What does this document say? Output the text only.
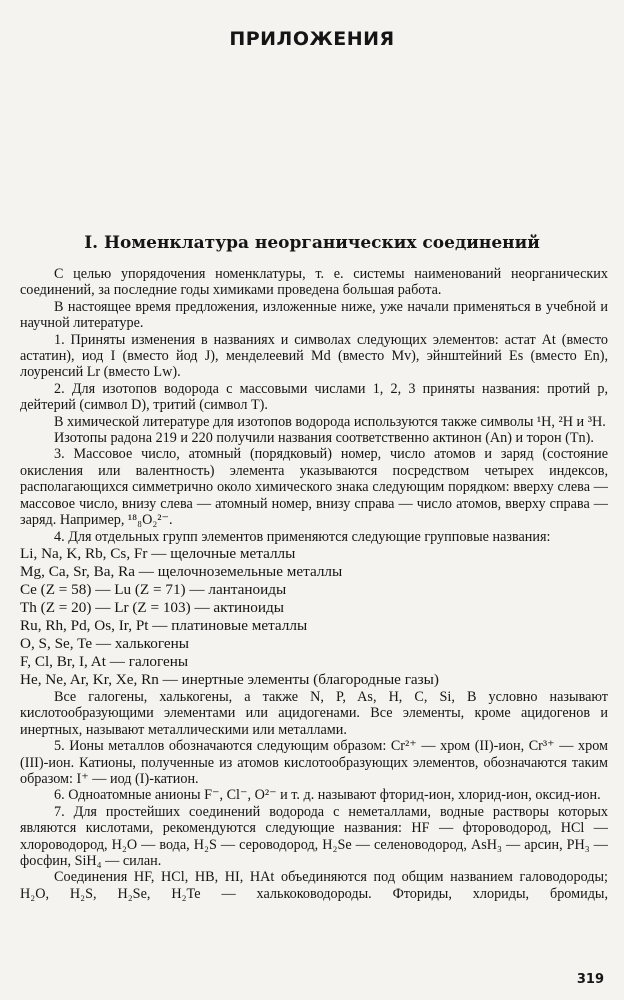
ПРИЛОЖЕНИЯ
I. Номенклатура неорганических соединений

С целью упорядочения номенклатуры, т. е. системы наименований неорганических соединений, за последние годы химиками проведена большая работа.

В настоящее время предложения, изложенные ниже, уже начали применяться в учебной и научной литературе.

1. Приняты изменения в названиях и символах следующих элементов: астат At (вместо астатин), иод I (вместо йод J), менделеевий Md (вместо Mv), эйнштейний Es (вместо En), лоуренсий Lr (вместо Lw).

2. Для изотопов водорода с массовыми числами 1, 2, 3 приняты названия: протий р, дейтерий (символ D), тритий (символ T).

В химической литературе для изотопов водорода используются также символы ¹H, ²H и ³H.

Изотопы радона 219 и 220 получили названия соответственно актинон (An) и торон (Tn).

3. Массовое число, атомный (порядковый) номер, число атомов и заряд (состояние окисления или валентность) элемента указываются посредством четырех индексов, располагающихся симметрично около химического знака следующим порядком: вверху слева — массовое число, внизу слева — атомный номер, внизу справа — число атомов, вверху справа — заряд. Например, ¹⁸₈O₂²⁻.

4. Для отдельных групп элементов применяются следующие групповые названия:

Li, Na, K, Rb, Cs, Fr — щелочные металлы

Mg, Ca, Sr, Ba, Ra — щелочноземельные металлы

Ce (Z = 58) — Lu (Z = 71) — лантаноиды

Th (Z = 20) — Lr (Z = 103) — актиноиды

Ru, Rh, Pd, Os, Ir, Pt — платиновые металлы

O, S, Se, Te — халькогены

F, Cl, Br, I, At — галогены

He, Ne, Ar, Kr, Xe, Rn — инертные элементы (благородные газы)

Все галогены, халькогены, а также N, P, As, H, C, Si, B условно называют кислотообразующими элементами или ацидогенами. Все элементы, кроме ацидогенов и инертных, называют металлическими или металлами.

5. Ионы металлов обозначаются следующим образом: Cr²⁺ — хром (II)-ион, Cr³⁺ — хром (III)-ион. Катионы, полученные из атомов кислотообразующих элементов, обозначаются таким образом: I⁺ — иод (I)-катион.

6. Одноатомные анионы F⁻, Cl⁻, O²⁻ и т. д. называют фторид-ион, хлорид-ион, оксид-ион.

7. Для простейших соединений водорода с неметаллами, водные растворы которых являются кислотами, рекомендуются следующие названия: HF — фтороводород, HCl — хлороводород, H₂O — вода, H₂S — сероводород, H₂Se — селеноводород, AsH₃ — арсин, PH₃ — фосфин, SiH₄ — силан.

Соединения HF, HCl, HB, HI, HAt объединяются под общим названием галоводороды; H₂O, H₂S, H₂Se, H₂Te — халькоководороды. Фториды, хлориды, бромиды,

319
